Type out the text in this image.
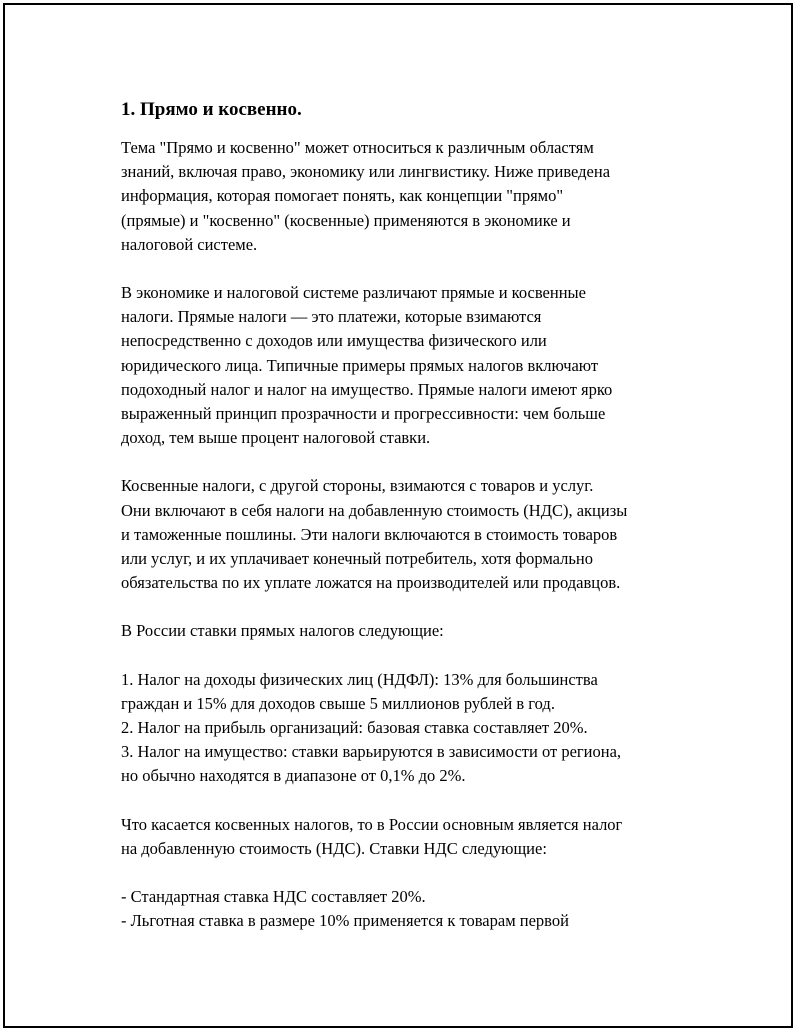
1. Прямо и косвенно.

Тема "Прямо и косвенно" может относиться к различным областям
знаний, включая право, экономику или лингвистику. Ниже приведена
информация, которая помогает понять, как концепции "прямо"
(прямые) и "косвенно" (косвенные) применяются в экономике и
налоговой системе.

В экономике и налоговой системе различают прямые и косвенные
налоги. Прямые налоги — это платежи, которые взимаются
непосредственно с доходов или имущества физического или
юридического лица. Типичные примеры прямых налогов включают
подоходный налог и налог на имущество. Прямые налоги имеют ярко
выраженный принцип прозрачности и прогрессивности: чем больше
доход, тем выше процент налоговой ставки.

Косвенные налоги, с другой стороны, взимаются с товаров и услуг.
Они включают в себя налоги на добавленную стоимость (НДС), акцизы
и таможенные пошлины. Эти налоги включаются в стоимость товаров
или услуг, и их уплачивает конечный потребитель, хотя формально
обязательства по их уплате ложатся на производителей или продавцов.

В России ставки прямых налогов следующие:

1. Налог на доходы физических лиц (НДФЛ): 13% для большинства
граждан и 15% для доходов свыше 5 миллионов рублей в год.
2. Налог на прибыль организаций: базовая ставка составляет 20%.
3. Налог на имущество: ставки варьируются в зависимости от региона,
но обычно находятся в диапазоне от 0,1% до 2%.

Что касается косвенных налогов, то в России основным является налог
на добавленную стоимость (НДС). Ставки НДС следующие:

- Стандартная ставка НДС составляет 20%.
- Льготная ставка в размере 10% применяется к товарам первой
